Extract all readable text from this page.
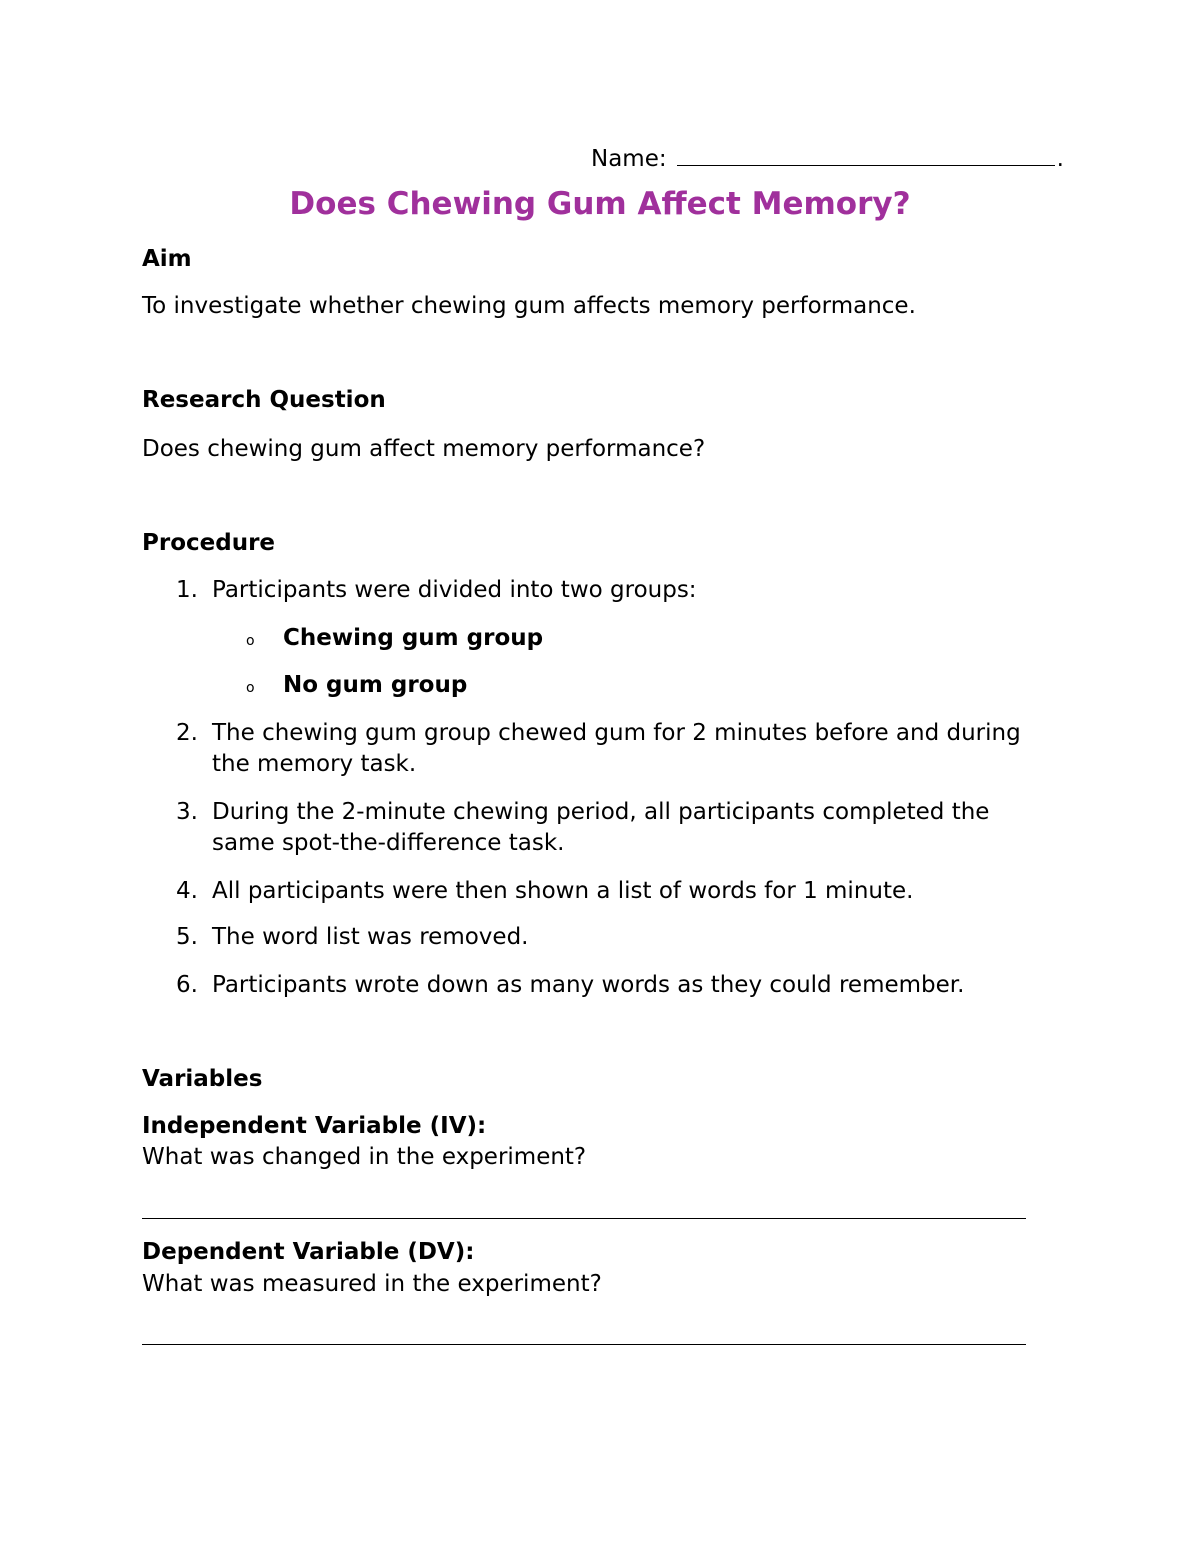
Name:	.
Does Chewing Gum Affect Memory?
Aim
To investigate whether chewing gum affects memory performance.
Research Question
Does chewing gum affect memory performance?
Procedure
1. Participants were divided into two groups:
o Chewing gum group
o No gum group
2. The chewing gum group chewed gum for 2 minutes before and during
the memory task.
3. During the 2-minute chewing period, all participants completed the
same spot-the-difference task.
4. All participants were then shown a list of words for 1 minute.
5. The word list was removed.
6. Participants wrote down as many words as they could remember.
Variables
Independent Variable (IV):
What was changed in the experiment?
Dependent Variable (DV):
What was measured in the experiment?
